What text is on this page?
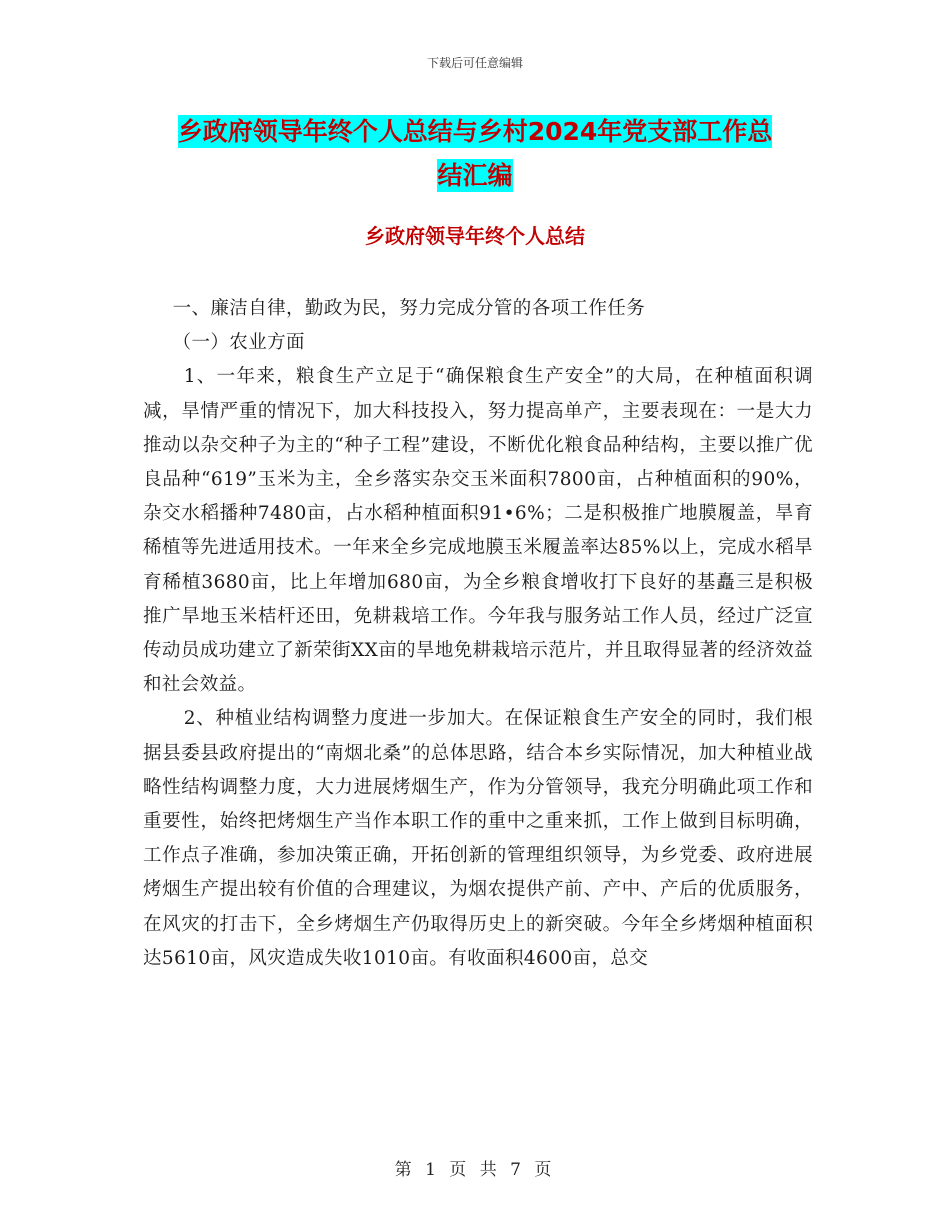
下载后可任意编辑
乡政府领导年终个人总结与乡村2024年党支部工作总
结汇编
乡政府领导年终个人总结

一、廉洁自律，勤政为民，努力完成分管的各项工作任务

（一）农业方面

1、一年来，粮食生产立足于“确保粮食生产安全”的大局，在种植面积调减，旱情严重的情况下，加大科技投入，努力提高单产，主要表现在：一是大力推动以杂交种子为主的“种子工程”建设，不断优化粮食品种结构，主要以推广优良品种“619”玉米为主，全乡落实杂交玉米面积7800亩，占种植面积的90%，杂交水稻播种7480亩，占水稻种植面积91•6%；二是积极推广地膜履盖，旱育稀植等先进适用技术。一年来全乡完成地膜玉米履盖率达85%以上，完成水稻旱育稀植3680亩，比上年增加680亩，为全乡粮食增收打下良好的基矗三是积极推广旱地玉米桔杆还田，免耕栽培工作。今年我与服务站工作人员，经过广泛宣传动员成功建立了新荣街XX亩的旱地免耕栽培示范片，并且取得显著的经济效益和社会效益。

2、种植业结构调整力度进一步加大。在保证粮食生产安全的同时，我们根据县委县政府提出的“南烟北桑”的总体思路，结合本乡实际情况，加大种植业战略性结构调整力度，大力进展烤烟生产，作为分管领导，我充分明确此项工作和重要性，始终把烤烟生产当作本职工作的重中之重来抓，工作上做到目标明确，工作点子准确，参加决策正确，开拓创新的管理组织领导，为乡党委、政府进展烤烟生产提出较有价值的合理建议，为烟农提供产前、产中、产后的优质服务，在风灾的打击下，全乡烤烟生产仍取得历史上的新突破。今年全乡烤烟种植面积达5610亩，风灾造成失收1010亩。有收面积4600亩，总交

第 1 页 共 7 页
